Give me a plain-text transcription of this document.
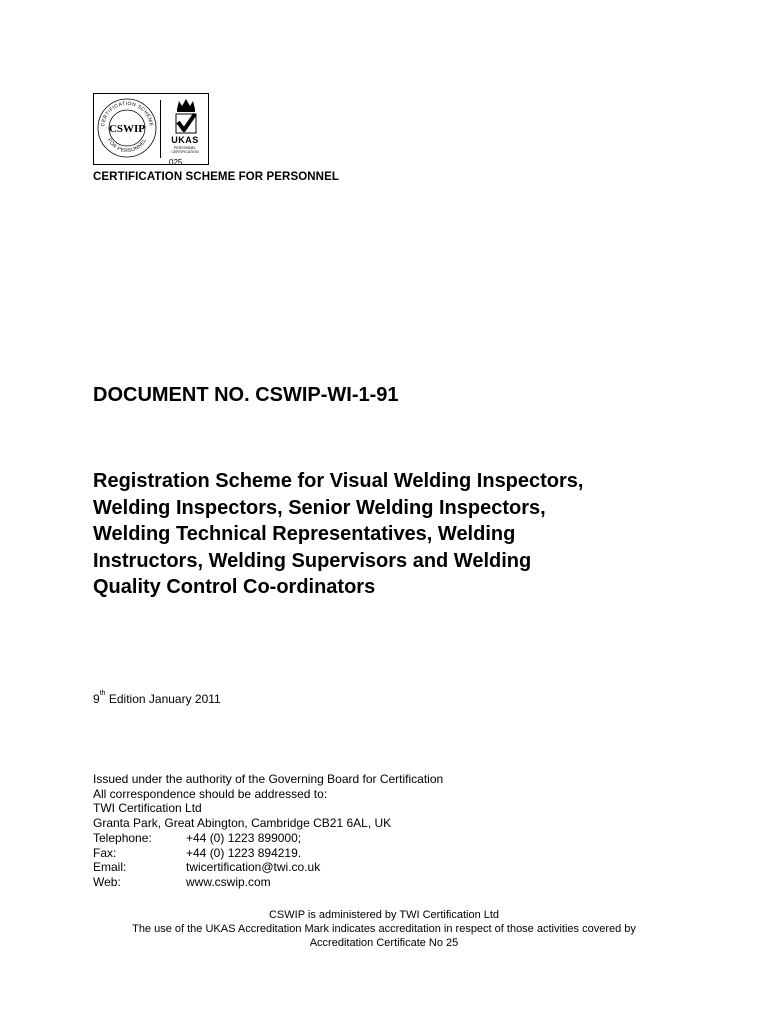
CERTIFICATION SCHEME
FOR PERSONNEL
CSWIP
UKAS
PERSONNEL
CERTIFICATION
025
CERTIFICATION SCHEME FOR PERSONNEL
DOCUMENT NO. CSWIP-WI-1-91
Registration Scheme for Visual Welding Inspectors,
Welding Inspectors, Senior Welding Inspectors,
Welding Technical Representatives, Welding
Instructors, Welding Supervisors and Welding
Quality Control Co-ordinators
9th Edition January 2011
Issued under the authority of the Governing Board for Certification
All correspondence should be addressed to:
TWI Certification Ltd
Granta Park, Great Abington, Cambridge CB21 6AL, UK
Telephone:	+44 (0) 1223 899000;
Fax:	+44 (0) 1223 894219.
Email:	twicertification@twi.co.uk
Web:	www.cswip.com
CSWIP is administered by TWI Certification Ltd
The use of the UKAS Accreditation Mark indicates accreditation in respect of those activities covered by
Accreditation Certificate No 25
